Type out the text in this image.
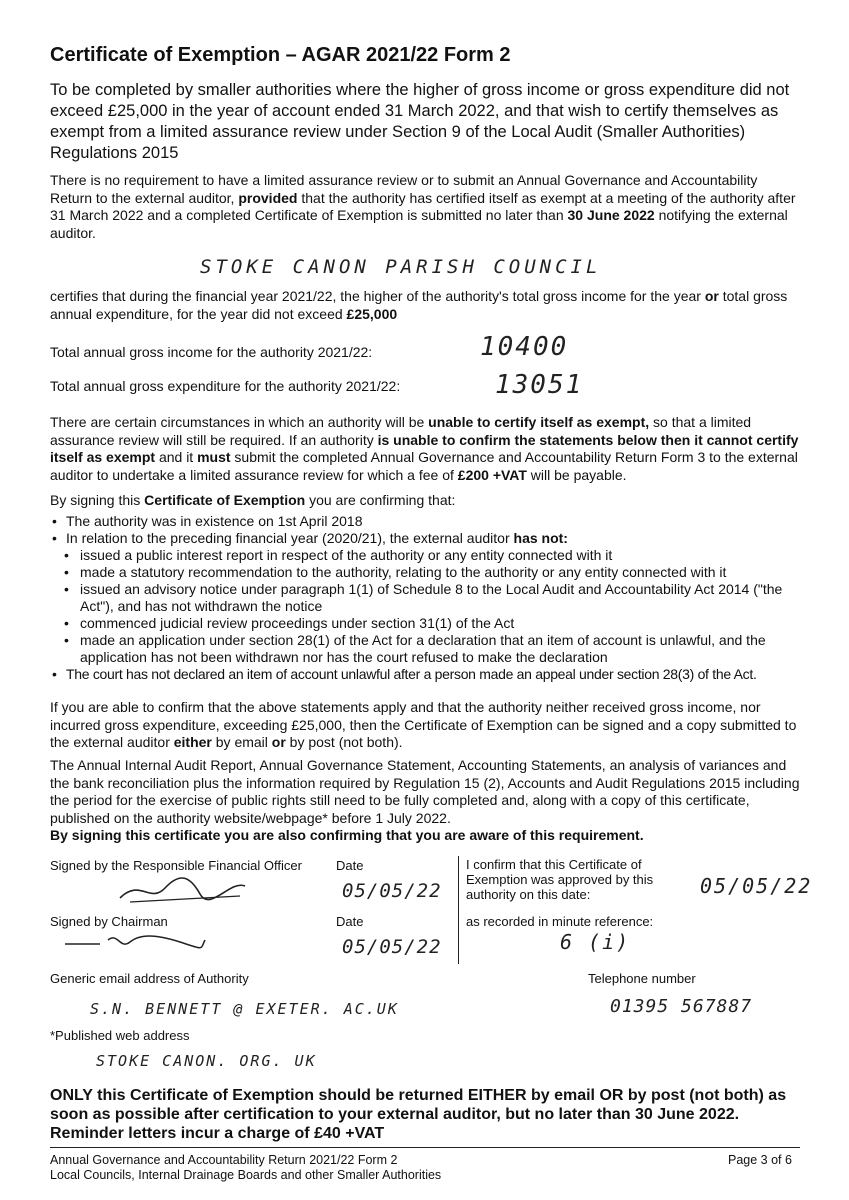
Certificate of Exemption – AGAR 2021/22 Form 2
To be completed by smaller authorities where the higher of gross income or gross expenditure did not exceed £25,000 in the year of account ended 31 March 2022, and that wish to certify themselves as exempt from a limited assurance review under Section 9 of the Local Audit (Smaller Authorities) Regulations 2015
There is no requirement to have a limited assurance review or to submit an Annual Governance and Accountability Return to the external auditor, provided that the authority has certified itself as exempt at a meeting of the authority after 31 March 2022 and a completed Certificate of Exemption is submitted no later than 30 June 2022 notifying the external auditor.
STOKE CANON PARISH COUNCIL
certifies that during the financial year 2021/22, the higher of the authority's total gross income for the year or total gross annual expenditure, for the year did not exceed £25,000
Total annual gross income for the authority 2021/22:	10400
Total annual gross expenditure for the authority 2021/22:	13051
There are certain circumstances in which an authority will be unable to certify itself as exempt, so that a limited assurance review will still be required. If an authority is unable to confirm the statements below then it cannot certify itself as exempt and it must submit the completed Annual Governance and Accountability Return Form 3 to the external auditor to undertake a limited assurance review for which a fee of £200 +VAT will be payable.
By signing this Certificate of Exemption you are confirming that:
• The authority was in existence on 1st April 2018
• In relation to the preceding financial year (2020/21), the external auditor has not:
• issued a public interest report in respect of the authority or any entity connected with it
• made a statutory recommendation to the authority, relating to the authority or any entity connected with it
• issued an advisory notice under paragraph 1(1) of Schedule 8 to the Local Audit and Accountability Act 2014 ("the Act"), and has not withdrawn the notice
• commenced judicial review proceedings under section 31(1) of the Act
• made an application under section 28(1) of the Act for a declaration that an item of account is unlawful, and the application has not been withdrawn nor has the court refused to make the declaration
• The court has not declared an item of account unlawful after a person made an appeal under section 28(3) of the Act.
If you are able to confirm that the above statements apply and that the authority neither received gross income, nor incurred gross expenditure, exceeding £25,000, then the Certificate of Exemption can be signed and a copy submitted to the external auditor either by email or by post (not both).
The Annual Internal Audit Report, Annual Governance Statement, Accounting Statements, an analysis of variances and the bank reconciliation plus the information required by Regulation 15 (2), Accounts and Audit Regulations 2015 including the period for the exercise of public rights still need to be fully completed and, along with a copy of this certificate, published on the authority website/webpage* before 1 July 2022.
By signing this certificate you are also confirming that you are aware of this requirement.
Signed by the Responsible Financial Officer	Date
05/05/22
I confirm that this Certificate of Exemption was approved by this authority on this date:	05/05/22
Signed by Chairman	Date
05/05/22
as recorded in minute reference:
6 (i)
Generic email address of Authority
S.N. BENNETT @ EXETER. AC.UK
Telephone number
01395 567887
*Published web address
STOKE CANON. ORG. UK
ONLY this Certificate of Exemption should be returned EITHER by email OR by post (not both) as soon as possible after certification to your external auditor, but no later than 30 June 2022. Reminder letters incur a charge of £40 +VAT
Annual Governance and Accountability Return 2021/22 Form 2
Local Councils, Internal Drainage Boards and other Smaller Authorities
Page 3 of 6
